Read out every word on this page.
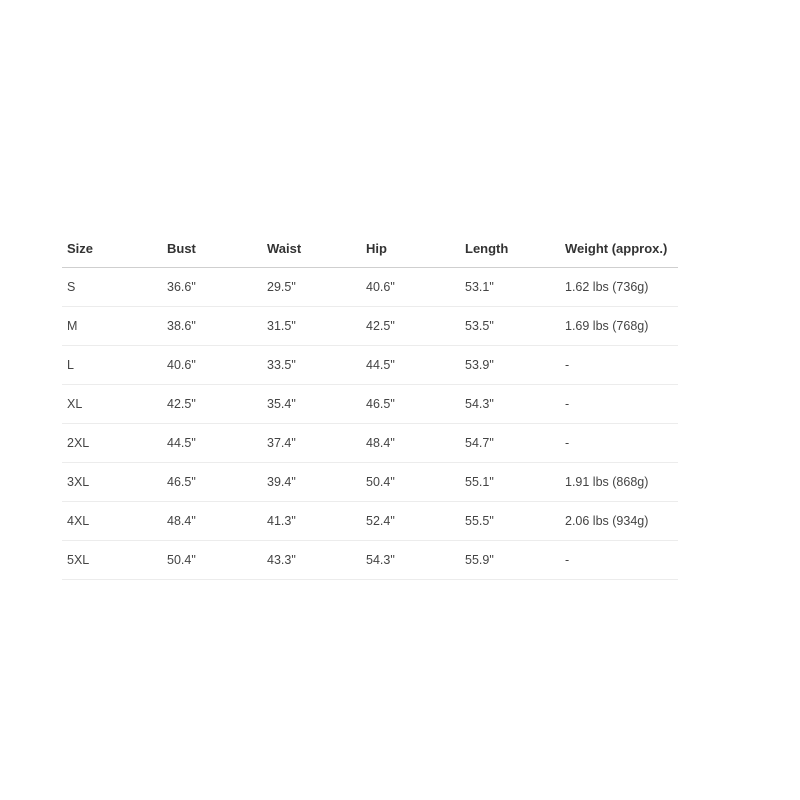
Size	Bust	Waist	Hip	Length	Weight (approx.)
S	36.6"	29.5"	40.6"	53.1"	1.62 lbs (736g)
M	38.6"	31.5"	42.5"	53.5"	1.69 lbs (768g)
L	40.6"	33.5"	44.5"	53.9"	-
XL	42.5"	35.4"	46.5"	54.3"	-
2XL	44.5"	37.4"	48.4"	54.7"	-
3XL	46.5"	39.4"	50.4"	55.1"	1.91 lbs (868g)
4XL	48.4"	41.3"	52.4"	55.5"	2.06 lbs (934g)
5XL	50.4"	43.3"	54.3"	55.9"	-
